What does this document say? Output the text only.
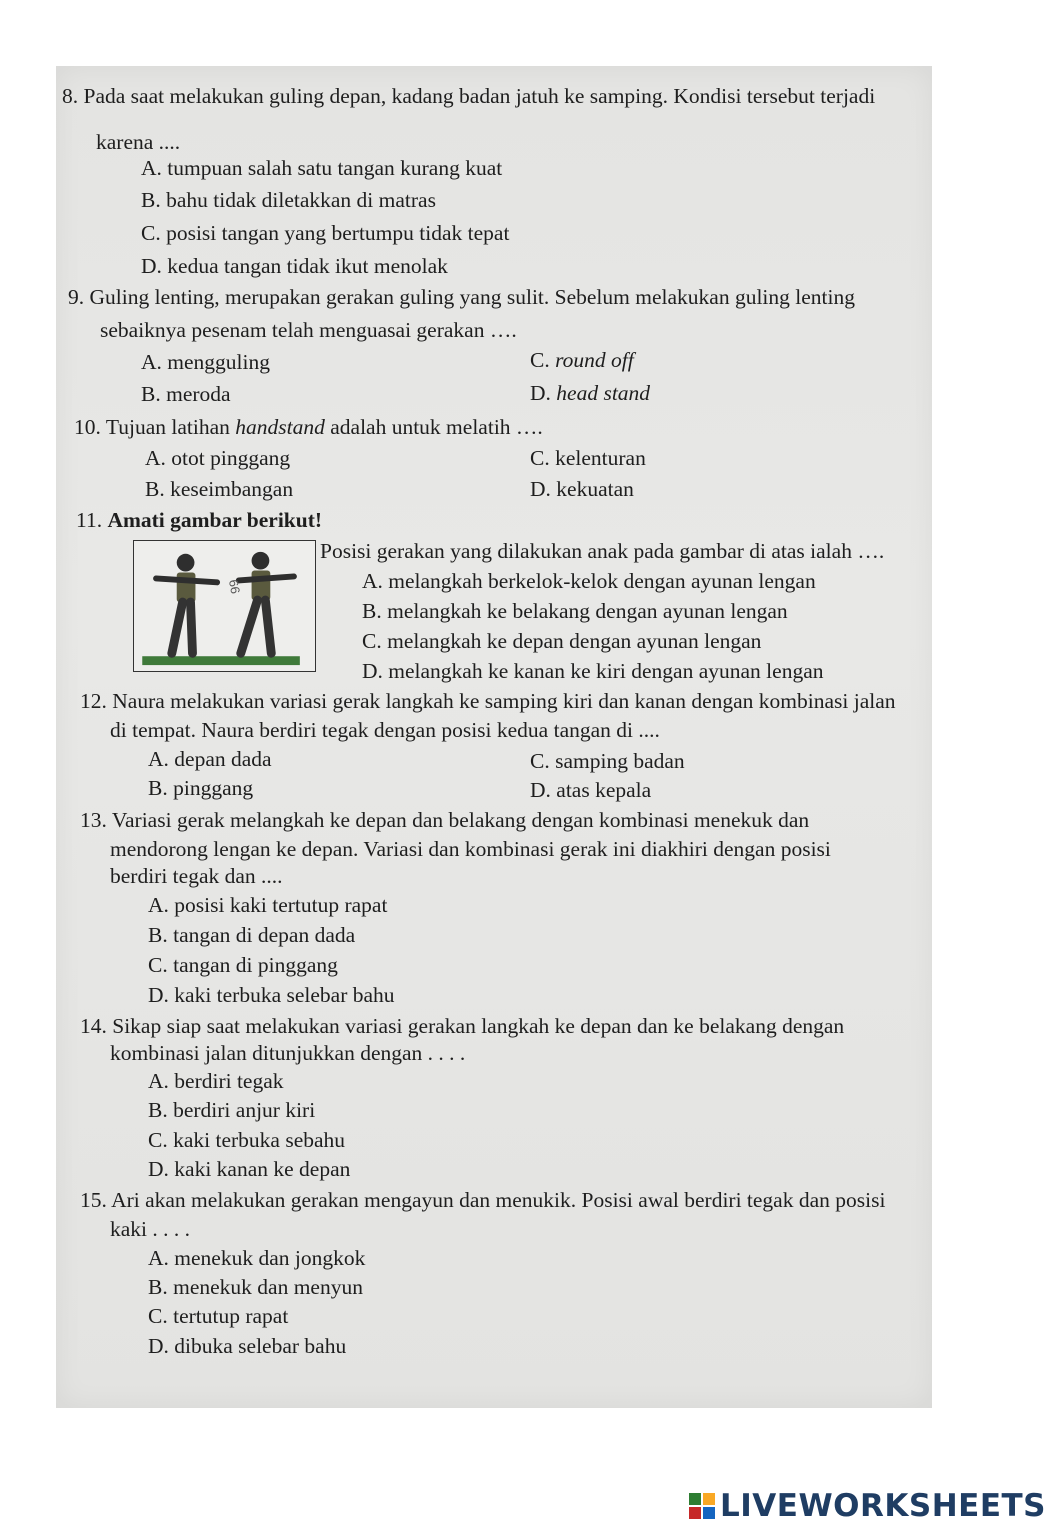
8. Pada saat melakukan guling depan, kadang badan jatuh ke samping. Kondisi tersebut terjadi
karena ....
A. tumpuan salah satu tangan kurang kuat
B. bahu tidak diletakkan di matras
C. posisi tangan yang bertumpu tidak tepat
D. kedua tangan tidak ikut menolak
9. Guling lenting, merupakan gerakan guling yang sulit. Sebelum melakukan guling lenting
sebaiknya pesenam telah menguasai gerakan ….
A. mengguling
B. meroda
C. round off
D. head stand
10. Tujuan latihan handstand adalah untuk melatih ….
A. otot pinggang
B. keseimbangan
C. kelenturan
D. kekuatan
11. Amati gambar berikut!
66
Posisi gerakan yang dilakukan anak pada gambar di atas ialah ….
A. melangkah berkelok-kelok dengan ayunan lengan
B. melangkah ke belakang dengan ayunan lengan
C. melangkah ke depan dengan ayunan lengan
D. melangkah ke kanan ke kiri dengan ayunan lengan
12. Naura melakukan variasi gerak langkah ke samping kiri dan kanan dengan kombinasi jalan
di tempat. Naura berdiri tegak dengan posisi kedua tangan di ....
A. depan dada
B. pinggang
C. samping badan
D. atas kepala
13. Variasi gerak melangkah ke depan dan belakang dengan kombinasi menekuk dan
mendorong lengan ke depan. Variasi dan kombinasi gerak ini diakhiri dengan posisi
berdiri tegak dan ....
A. posisi kaki tertutup rapat
B. tangan di depan dada
C. tangan di pinggang
D. kaki terbuka selebar bahu
14. Sikap siap saat melakukan variasi gerakan langkah ke depan dan ke belakang dengan
kombinasi jalan ditunjukkan dengan . . . .
A. berdiri tegak
B. berdiri anjur kiri
C. kaki terbuka sebahu
D. kaki kanan ke depan
15. Ari akan melakukan gerakan mengayun dan menukik. Posisi awal berdiri tegak dan posisi
kaki . . . .
A. menekuk dan jongkok
B. menekuk dan menyun
C. tertutup rapat
D. dibuka selebar bahu
LIVEWORKSHEETS
